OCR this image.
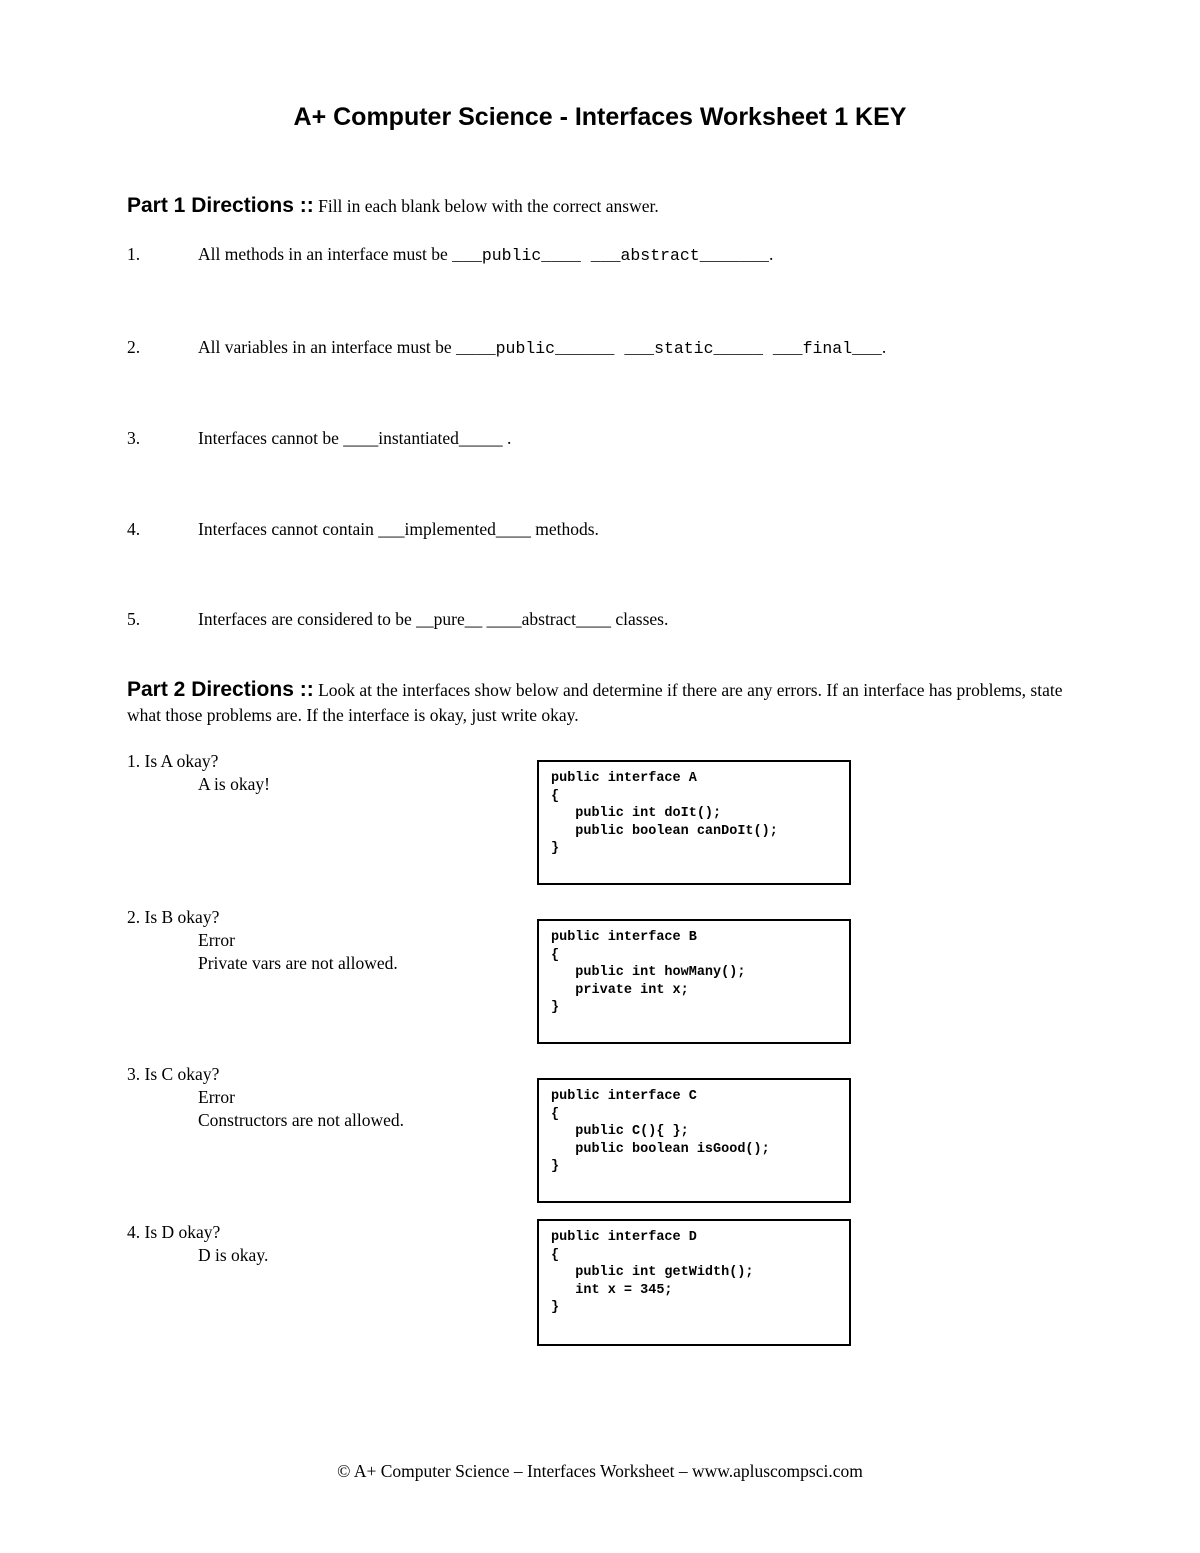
A+ Computer Science - Interfaces Worksheet 1 KEY
Part 1 Directions :: Fill in each blank below with the correct answer.
1.	All methods in an interface must be ___public____ ___abstract_______.
2.	All variables in an interface must be ____public______ ___static_____ ___final___.
3.	Interfaces cannot be ____instantiated_____ .
4.	Interfaces cannot contain ___implemented____ methods.
5.	Interfaces are considered to be __pure__ ____abstract____ classes.
Part 2 Directions :: Look at the interfaces show below and determine if there are any errors. If an interface has problems, state what those problems are. If the interface is okay, just write okay.
1. Is A okay?
A is okay!	public interface A
{
public int doIt();
public boolean canDoIt();
}
2. Is B okay?
Error
Private vars are not allowed.
public interface B
{
public int howMany();
private int x;
}
3. Is C okay?
Error
Constructors are not allowed.
public interface C
{
public C(){ };
public boolean isGood();
}
4. Is D okay?
D is okay.
public interface D
{
public int getWidth();
int x = 345;
}
© A+ Computer Science – Interfaces Worksheet – www.apluscompsci.com
